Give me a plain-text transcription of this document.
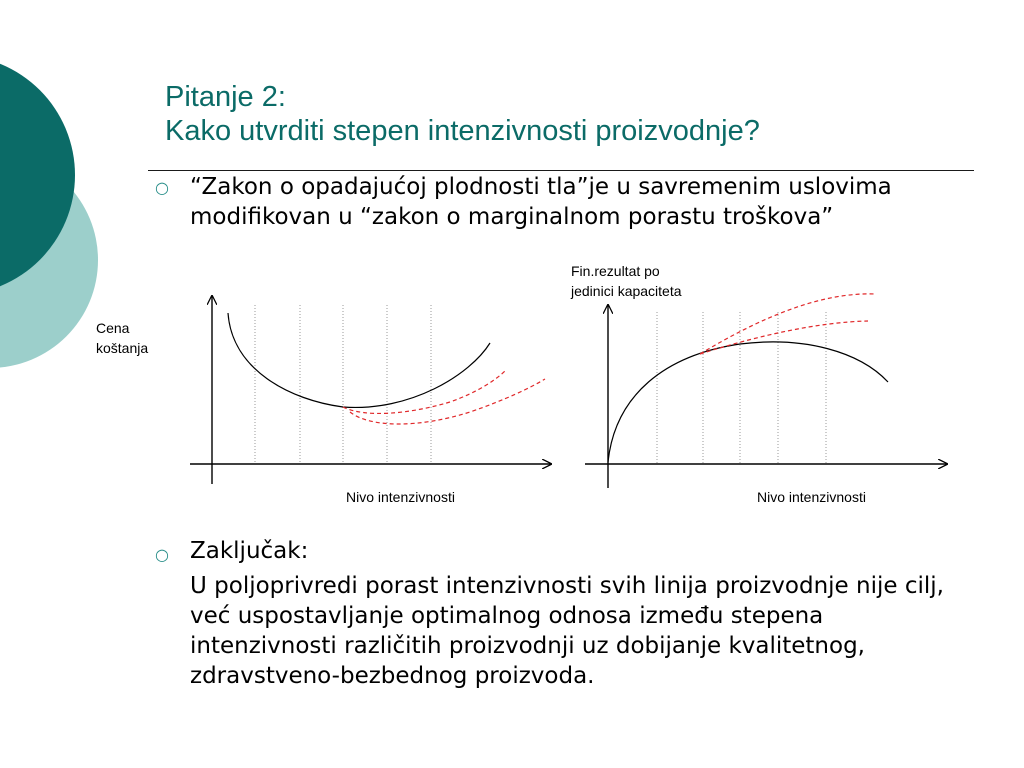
Pitanje 2:
Kako utvrditi stepen intenzivnosti proizvodnje?
○ “Zakon o opadajućoj plodnosti tla”je u savremenim uslovima modifikovan u “zakon o marginalnom porastu troškova”

Cena
koštanja
Nivo intenzivnosti
Fin.rezultat po
jedinici kapaciteta
Nivo intenzivnosti
○ Zaključak:

U poljoprivredi porast intenzivnosti svih linija proizvodnje nije cilj, već uspostavljanje optimalnog odnosa između stepena intenzivnosti različitih proizvodnji uz dobijanje kvalitetnog, zdravstveno-bezbednog proizvoda.
